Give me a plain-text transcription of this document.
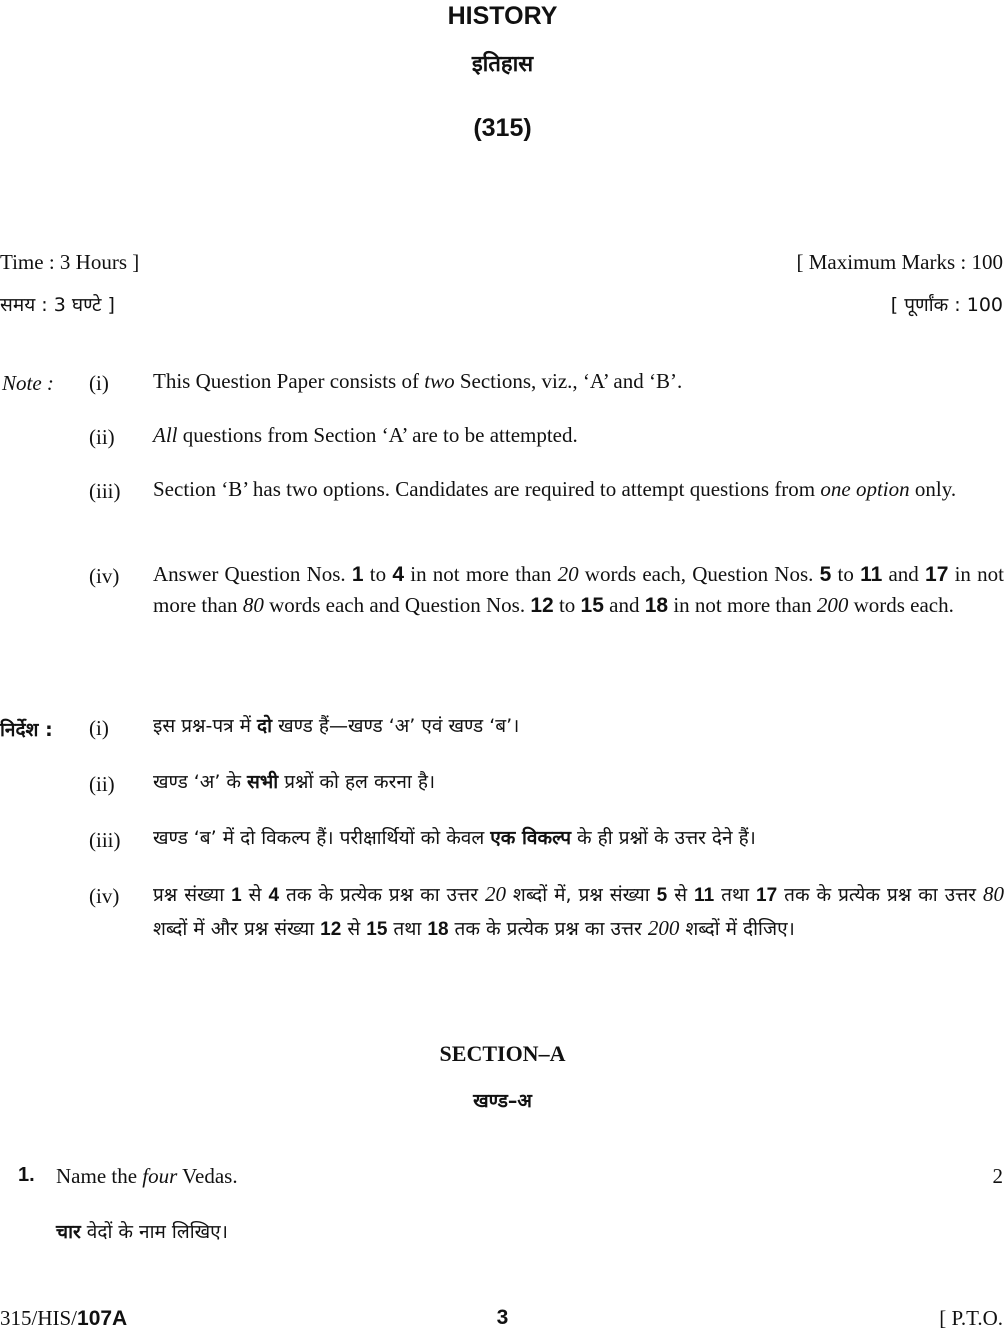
HISTORY
इतिहास
(315)
Time : 3 Hours ]	[ Maximum Marks : 100
समय : 3 घण्टे ]	[ पूर्णांक : 100
Note : (i) This Question Paper consists of two Sections, viz., ‘A’ and ‘B’.
(ii) All questions from Section ‘A’ are to be attempted.
(iii) Section ‘B’ has two options. Candidates are required to attempt questions from one option only.
(iv) Answer Question Nos. 1 to 4 in not more than 20 words each, Question Nos. 5 to 11 and 17 in not more than 80 words each and Question Nos. 12 to 15 and 18 in not more than 200 words each.
निर्देश : (i) इस प्रश्न-पत्र में दो खण्ड हैं—खण्ड ‘अ’ एवं खण्ड ‘ब’।
(ii) खण्ड ‘अ’ के सभी प्रश्नों को हल करना है।
(iii) खण्ड ‘ब’ में दो विकल्प हैं। परीक्षार्थियों को केवल एक विकल्प के ही प्रश्नों के उत्तर देने हैं।
(iv) प्रश्न संख्या 1 से 4 तक के प्रत्येक प्रश्न का उत्तर 20 शब्दों में, प्रश्न संख्या 5 से 11 तथा 17 तक के प्रत्येक प्रश्न का उत्तर 80 शब्दों में और प्रश्न संख्या 12 से 15 तथा 18 तक के प्रत्येक प्रश्न का उत्तर 200 शब्दों में दीजिए।
SECTION–A
खण्ड–अ
1. Name the four Vedas.	2
चार वेदों के नाम लिखिए।
315/HIS/107A	3	[ P.T.O.
